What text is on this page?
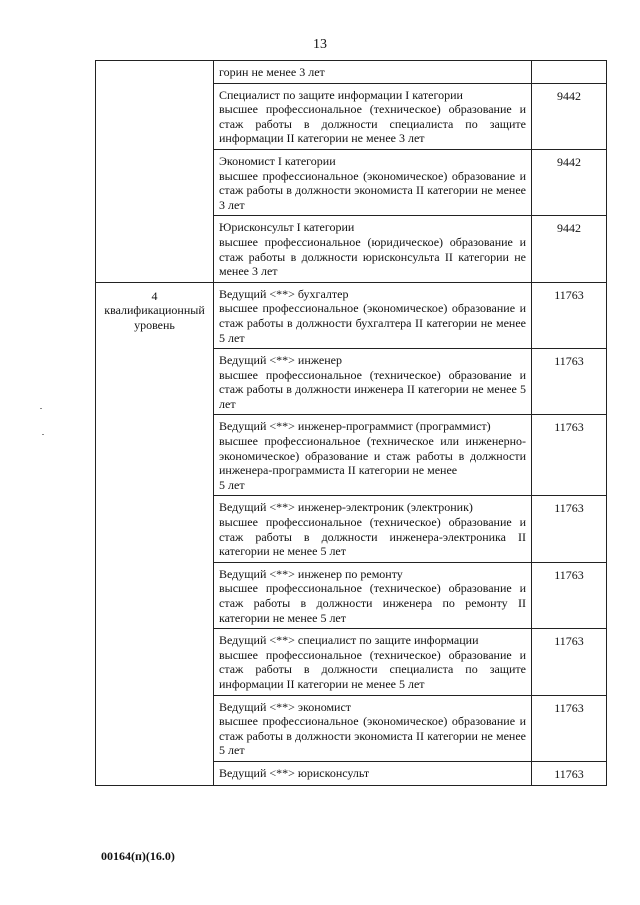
13

	горин не менее 3 лет	

	Специалист по защите информации I категории
высшее профессиональное (техническое) образование и стаж работы в должности специалиста по защите информации II категории не менее 3 лет	9442

	Экономист I категории
высшее профессиональное (экономическое) образование и стаж работы в должности экономиста II категории не менее 3 лет	9442

	Юрисконсульт I категории
высшее профессиональное (юридическое) образование и стаж работы в должности юрисконсульта II категории не менее 3 лет	9442
4 квалификационный уровень	Ведущий <**> бухгалтер
высшее профессиональное (экономическое) образование и стаж работы в должности бухгалтера II категории не менее 5 лет	11763

	Ведущий <**> инженер
высшее профессиональное (техническое) образование и стаж работы в должности инженера II категории не менее 5 лет	11763

	Ведущий <**> инженер-программист (программист)
высшее профессиональное (техническое или инженерно-экономическое) образование и стаж работы в должности инженера-программиста II категории не менее
5 лет	11763

	Ведущий <**> инженер-электроник (электроник)
высшее профессиональное (техническое) образование и стаж работы в должности инженера-электроника II категории не менее 5 лет	11763

	Ведущий <**> инженер по ремонту
высшее профессиональное (техническое) образование и стаж работы в должности инженера по ремонту II категории не менее 5 лет	11763

	Ведущий <**> специалист по защите информации
высшее профессиональное (техническое) образование и стаж работы в должности специалиста по защите информации II категории не менее 5 лет	11763

	Ведущий <**> экономист
высшее профессиональное (экономическое) образование и стаж работы в должности экономиста II категории не менее 5 лет	11763

	Ведущий <**> юрисконсульт	11763
00164(п)(16.0)
